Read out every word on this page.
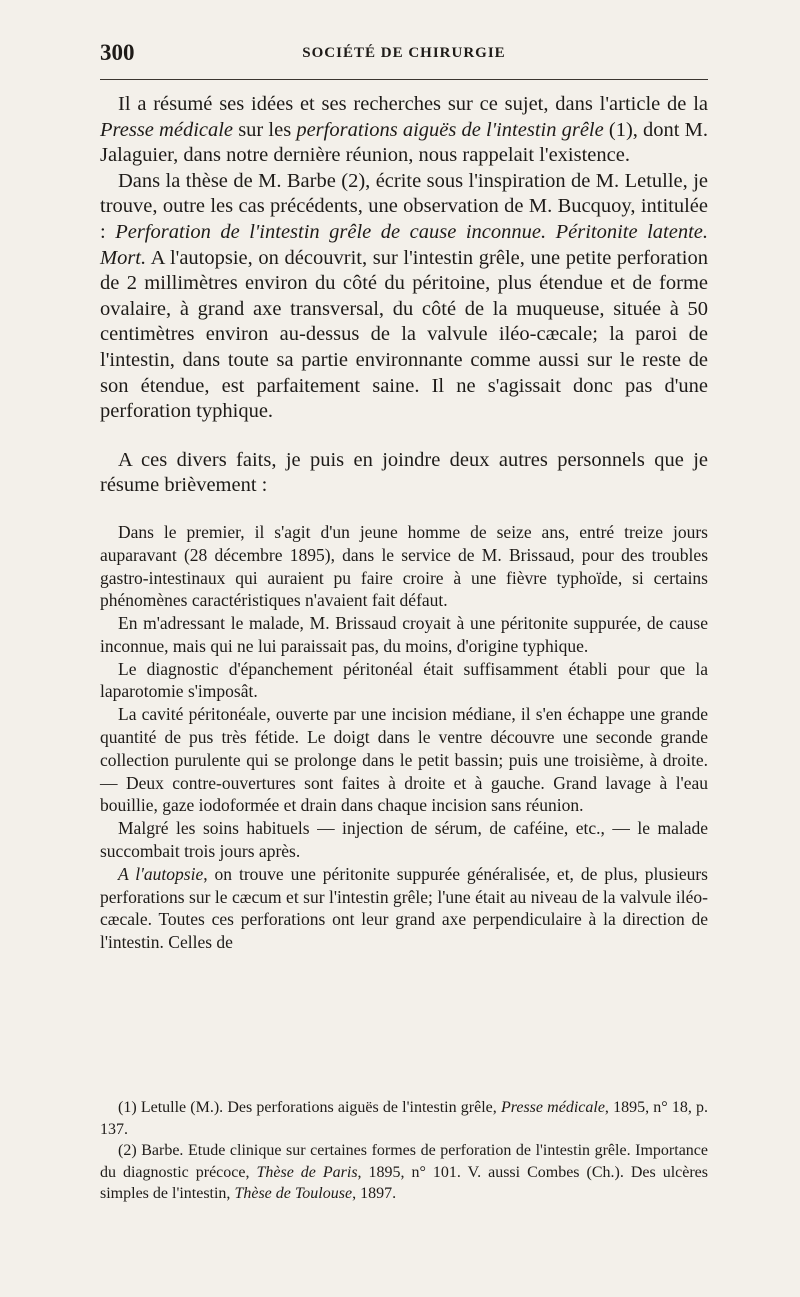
300	SOCIÉTÉ DE CHIRURGIE

Il a résumé ses idées et ses recherches sur ce sujet, dans l'article de la Presse médicale sur les perforations aiguës de l'intestin grêle (1), dont M. Jalaguier, dans notre dernière réunion, nous rappelait l'existence.

Dans la thèse de M. Barbe (2), écrite sous l'inspiration de M. Letulle, je trouve, outre les cas précédents, une observation de M. Bucquoy, intitulée : Perforation de l'intestin grêle de cause inconnue. Péritonite latente. Mort. A l'autopsie, on découvrit, sur l'intestin grêle, une petite perforation de 2 millimètres environ du côté du péritoine, plus étendue et de forme ovalaire, à grand axe transversal, du côté de la muqueuse, située à 50 centimètres environ au-dessus de la valvule iléo-cæcale; la paroi de l'intestin, dans toute sa partie environnante comme aussi sur le reste de son étendue, est parfaitement saine. Il ne s'agissait donc pas d'une perforation typhique.

A ces divers faits, je puis en joindre deux autres personnels que je résume brièvement :

Dans le premier, il s'agit d'un jeune homme de seize ans, entré treize jours auparavant (28 décembre 1895), dans le service de M. Brissaud, pour des troubles gastro-intestinaux qui auraient pu faire croire à une fièvre typhoïde, si certains phénomènes caractéristiques n'avaient fait défaut.

En m'adressant le malade, M. Brissaud croyait à une péritonite suppurée, de cause inconnue, mais qui ne lui paraissait pas, du moins, d'origine typhique.

Le diagnostic d'épanchement péritonéal était suffisamment établi pour que la laparotomie s'imposât.

La cavité péritonéale, ouverte par une incision médiane, il s'en échappe une grande quantité de pus très fétide. Le doigt dans le ventre découvre une seconde grande collection purulente qui se prolonge dans le petit bassin; puis une troisième, à droite. — Deux contre-ouvertures sont faites à droite et à gauche. Grand lavage à l'eau bouillie, gaze iodoformée et drain dans chaque incision sans réunion.

Malgré les soins habituels — injection de sérum, de caféine, etc., — le malade succombait trois jours après.

A l'autopsie, on trouve une péritonite suppurée généralisée, et, de plus, plusieurs perforations sur le cæcum et sur l'intestin grêle; l'une était au niveau de la valvule iléo-cæcale. Toutes ces perforations ont leur grand axe perpendiculaire à la direction de l'intestin. Celles de

(1) Letulle (M.). Des perforations aiguës de l'intestin grêle, Presse médicale, 1895, n° 18, p. 137.

(2) Barbe. Etude clinique sur certaines formes de perforation de l'intestin grêle. Importance du diagnostic précoce, Thèse de Paris, 1895, n° 101. V. aussi Combes (Ch.). Des ulcères simples de l'intestin, Thèse de Toulouse, 1897.
